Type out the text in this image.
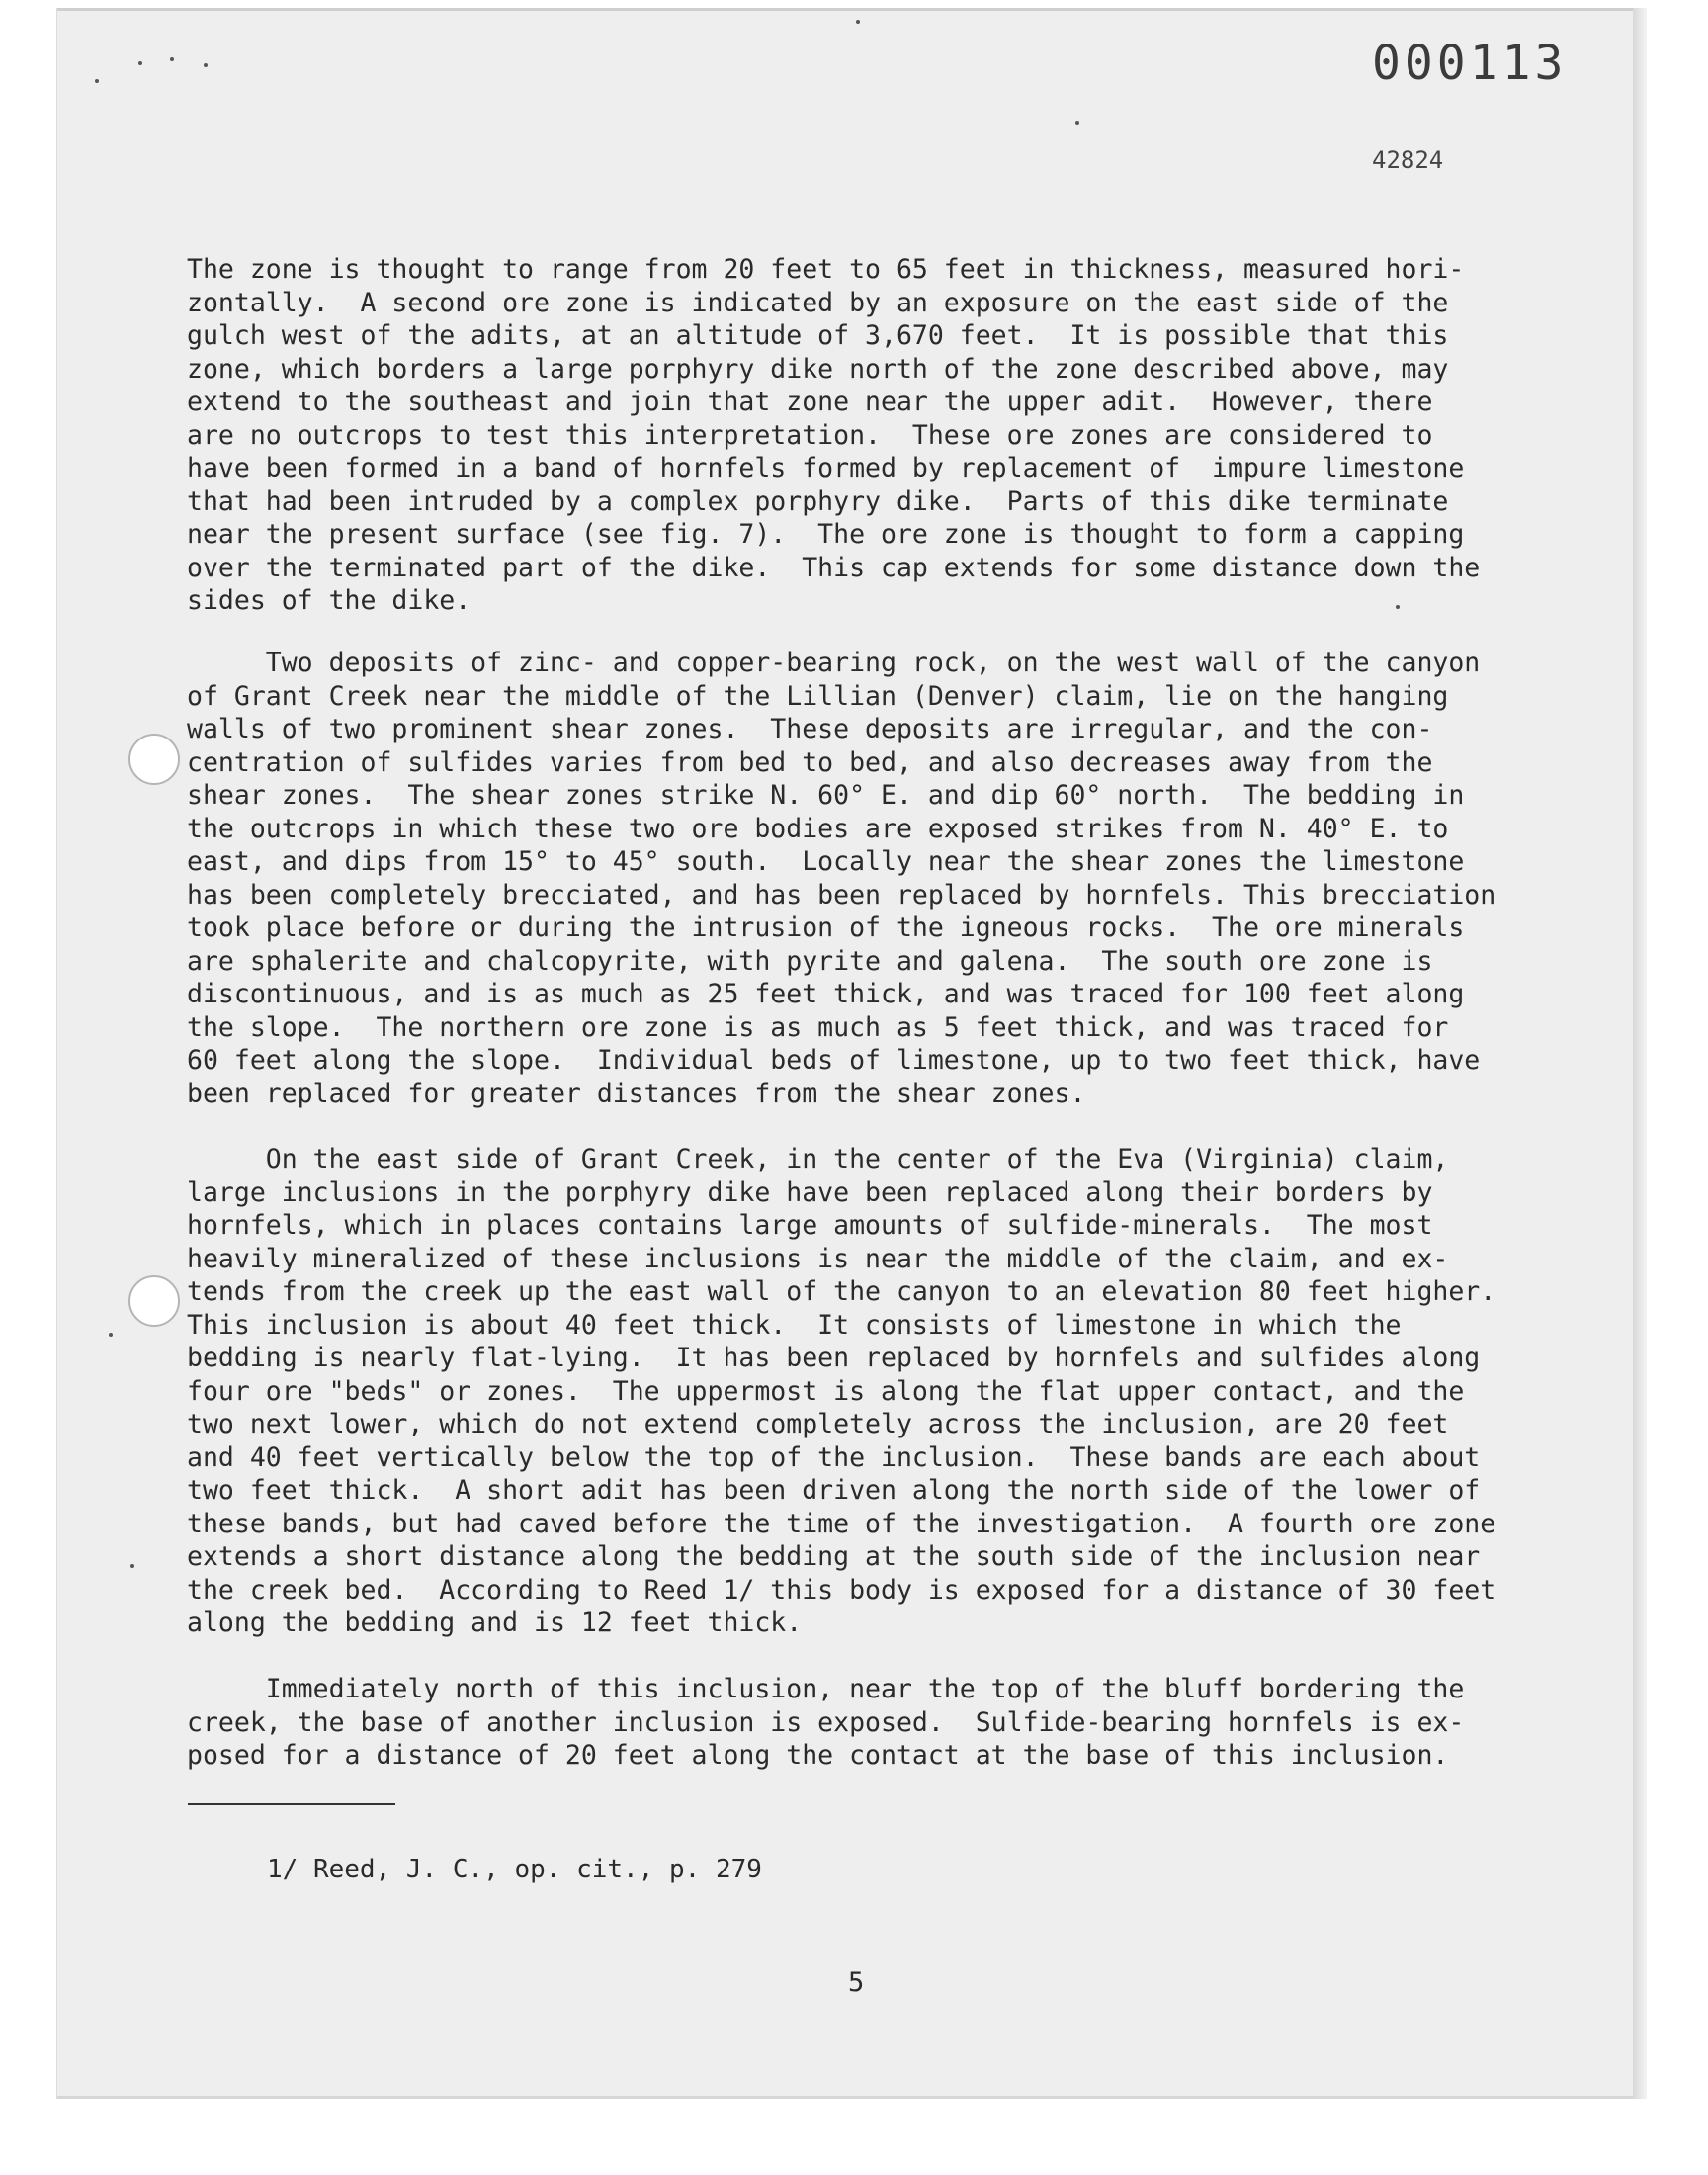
000113
42824
The zone is thought to range from 20 feet to 65 feet in thickness, measured hori-
zontally.  A second ore zone is indicated by an exposure on the east side of the
gulch west of the adits, at an altitude of 3,670 feet.  It is possible that this
zone, which borders a large porphyry dike north of the zone described above, may
extend to the southeast and join that zone near the upper adit.  However, there
are no outcrops to test this interpretation.  These ore zones are considered to
have been formed in a band of hornfels formed by replacement of  impure limestone
that had been intruded by a complex porphyry dike.  Parts of this dike terminate
near the present surface (see fig. 7).  The ore zone is thought to form a capping
over the terminated part of the dike.  This cap extends for some distance down the
sides of the dike.
Two deposits of zinc- and copper-bearing rock, on the west wall of the canyon
of Grant Creek near the middle of the Lillian (Denver) claim, lie on the hanging
walls of two prominent shear zones.  These deposits are irregular, and the con-
centration of sulfides varies from bed to bed, and also decreases away from the
shear zones.  The shear zones strike N. 60° E. and dip 60° north.  The bedding in
the outcrops in which these two ore bodies are exposed strikes from N. 40° E. to
east, and dips from 15° to 45° south.  Locally near the shear zones the limestone
has been completely brecciated, and has been replaced by hornfels. This brecciation
took place before or during the intrusion of the igneous rocks.  The ore minerals
are sphalerite and chalcopyrite, with pyrite and galena.  The south ore zone is
discontinuous, and is as much as 25 feet thick, and was traced for 100 feet along
the slope.  The northern ore zone is as much as 5 feet thick, and was traced for
60 feet along the slope.  Individual beds of limestone, up to two feet thick, have
been replaced for greater distances from the shear zones.
On the east side of Grant Creek, in the center of the Eva (Virginia) claim,
large inclusions in the porphyry dike have been replaced along their borders by
hornfels, which in places contains large amounts of sulfide-minerals.  The most
heavily mineralized of these inclusions is near the middle of the claim, and ex-
tends from the creek up the east wall of the canyon to an elevation 80 feet higher.
This inclusion is about 40 feet thick.  It consists of limestone in which the
bedding is nearly flat-lying.  It has been replaced by hornfels and sulfides along
four ore "beds" or zones.  The uppermost is along the flat upper contact, and the
two next lower, which do not extend completely across the inclusion, are 20 feet
and 40 feet vertically below the top of the inclusion.  These bands are each about
two feet thick.  A short adit has been driven along the north side of the lower of
these bands, but had caved before the time of the investigation.  A fourth ore zone
extends a short distance along the bedding at the south side of the inclusion near
the creek bed.  According to Reed 1/ this body is exposed for a distance of 30 feet
along the bedding and is 12 feet thick.
Immediately north of this inclusion, near the top of the bluff bordering the
creek, the base of another inclusion is exposed.  Sulfide-bearing hornfels is ex-
posed for a distance of 20 feet along the contact at the base of this inclusion.
1/ Reed, J. C., op. cit., p. 279
5
